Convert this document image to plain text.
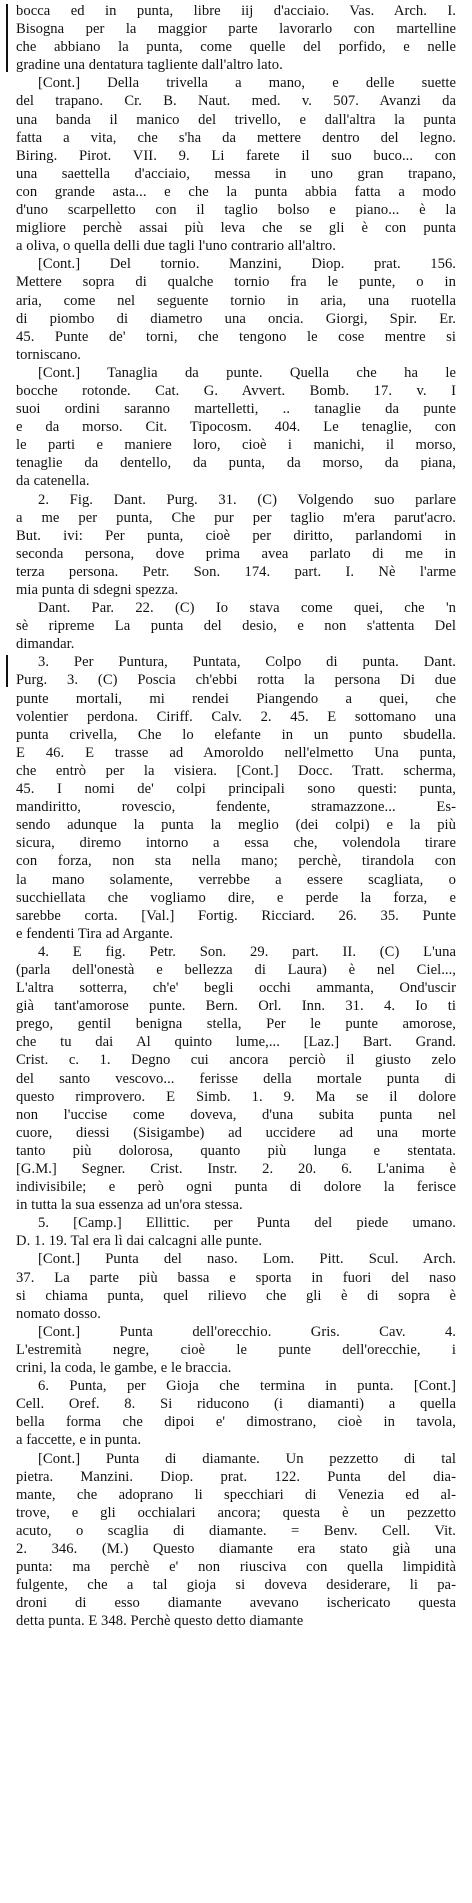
bocca ed in punta, libre iij d'acciaio. Vas. Arch. I.
Bisogna per la maggior parte lavorarlo con martelline
che abbiano la punta, come quelle del porfido, e nelle
gradine una dentatura tagliente dall'altro lato.
[Cont.] Della trivella a mano, e delle suette
del trapano. Cr. B. Naut. med. v. 507. Avanzi da
una banda il manico del trivello, e dall'altra la punta
fatta a vita, che s'ha da mettere dentro del legno.
Biring. Pirot. VII. 9. Li farete il suo buco... con
una saettella d'acciaio, messa in uno gran trapano,
con grande asta... e che la punta abbia fatta a modo
d'uno scarpelletto con il taglio bolso e piano... è la
migliore perchè assai più leva che se gli è con punta
a oliva, o quella delli due tagli l'uno contrario all'altro.
[Cont.] Del tornio. Manzini, Diop. prat. 156.
Mettere sopra di qualche tornio fra le punte, o in
aria, come nel seguente tornio in aria, una ruotella
di piombo di diametro una oncia. Giorgi, Spir. Er.
45. Punte de' torni, che tengono le cose mentre si
torniscano.
[Cont.] Tanaglia da punte. Quella che ha le
bocche rotonde. Cat. G. Avvert. Bomb. 17. v. I
suoi ordini saranno martelletti, .. tanaglie da punte
e da morso. Cit. Tipocosm. 404. Le tenaglie, con
le parti e maniere loro, cioè i manichi, il morso,
tenaglie da dentello, da punta, da morso, da piana,
da catenella.
2. Fig. Dant. Purg. 31. (C) Volgendo suo parlare
a me per punta, Che pur per taglio m'era parut'acro.
But. ivi: Per punta, cioè per diritto, parlandomi in
seconda persona, dove prima avea parlato di me in
terza persona. Petr. Son. 174. part. I. Nè l'arme
mia punta di sdegni spezza.
Dant. Par. 22. (C) Io stava come quei, che 'n
sè ripreme La punta del desio, e non s'attenta Del
dimandar.
3. Per Puntura, Puntata, Colpo di punta. Dant.
Purg. 3. (C) Poscia ch'ebbi rotta la persona Di due
punte mortali, mi rendei Piangendo a quei, che
volentier perdona. Ciriff. Calv. 2. 45. E sottomano una
punta crivella, Che lo elefante in un punto sbudella.
E 46. E trasse ad Amoroldo nell'elmetto Una punta,
che entrò per la visiera. [Cont.] Docc. Tratt. scherma,
45. I nomi de' colpi principali sono questi: punta,
mandiritto, rovescio, fendente, stramazzone... Es-
sendo adunque la punta la meglio (dei colpi) e la più
sicura, diremo intorno a essa che, volendola tirare
con forza, non sta nella mano; perchè, tirandola con
la mano solamente, verrebbe a essere scagliata, o
succhiellata che vogliamo dire, e perde la forza, e
sarebbe corta. [Val.] Fortig. Ricciard. 26. 35. Punte
e fendenti Tira ad Argante.
4. E fig. Petr. Son. 29. part. II. (C) L'una
(parla dell'onestà e bellezza di Laura) è nel Ciel...,
L'altra sotterra, ch'e' begli occhi ammanta, Ond'uscir
già tant'amorose punte. Bern. Orl. Inn. 31. 4. Io ti
prego, gentil benigna stella, Per le punte amorose,
che tu dai Al quinto lume,... [Laz.] Bart. Grand.
Crist. c. 1. Degno cui ancora perciò il giusto zelo
del santo vescovo... ferisse della mortale punta di
questo rimprovero. E Simb. 1. 9. Ma se il dolore
non l'uccise come doveva, d'una subita punta nel
cuore, diessi (Sisigambe) ad uccidere ad una morte
tanto più dolorosa, quanto più lunga e stentata.
[G.M.] Segner. Crist. Instr. 2. 20. 6. L'anima è
indivisibile; e però ogni punta di dolore la ferisce
in tutta la sua essenza ad un'ora stessa.
5. [Camp.] Ellittic. per Punta del piede umano.
D. 1. 19. Tal era lì dai calcagni alle punte.
[Cont.] Punta del naso. Lom. Pitt. Scul. Arch.
37. La parte più bassa e sporta in fuori del naso
si chiama punta, quel rilievo che gli è di sopra è
nomato dosso.
[Cont.] Punta dell'orecchio. Gris. Cav. 4.
L'estremità negre, cioè le punte dell'orecchie, i
crini, la coda, le gambe, e le braccia.
6. Punta, per Gioja che termina in punta. [Cont.]
Cell. Oref. 8. Si riducono (i diamanti) a quella
bella forma che dipoi e' dimostrano, cioè in tavola,
a faccette, e in punta.
[Cont.] Punta di diamante. Un pezzetto di tal
pietra. Manzini. Diop. prat. 122. Punta del dia-
mante, che adoprano li specchiari di Venezia ed al-
trove, e gli occhialari ancora; questa è un pezzetto
acuto, o scaglia di diamante. = Benv. Cell. Vit.
2. 346. (M.) Questo diamante era stato già una
punta: ma perchè e' non riusciva con quella limpidità
fulgente, che a tal gioja si doveva desiderare, li pa-
droni di esso diamante avevano ischericato questa
detta punta. E 348. Perchè questo detto diamante
